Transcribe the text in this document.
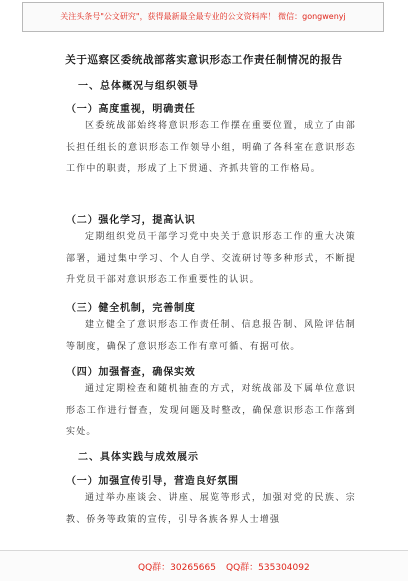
关注头条号"公文研究"，获得最新最全最专业的公文资料库！ 微信：gongwenyj
关于巡察区委统战部落实意识形态工作责任制情况的报告
一、总体概况与组织领导
（一）高度重视，明确责任
区委统战部始终将意识形态工作摆在重要位置，成立了由部长担任组长的意识形态工作领导小组，明确了各科室在意识形态工作中的职责，形成了上下贯通、齐抓共管的工作格局。
（二）强化学习，提高认识
定期组织党员干部学习党中央关于意识形态工作的重大决策部署，通过集中学习、个人自学、交流研讨等多种形式，不断提升党员干部对意识形态工作重要性的认识。
（三）健全机制，完善制度
建立健全了意识形态工作责任制、信息报告制、风险评估制等制度，确保了意识形态工作有章可循、有据可依。
（四）加强督查，确保实效
通过定期检查和随机抽查的方式，对统战部及下属单位意识形态工作进行督查，发现问题及时整改，确保意识形态工作落到实处。
二、具体实践与成效展示
（一）加强宣传引导，营造良好氛围
通过举办座谈会、讲座、展览等形式，加强对党的民族、宗教、侨务等政策的宣传，引导各族各界人士增强
QQ群：30265665 QQ群：535304092
